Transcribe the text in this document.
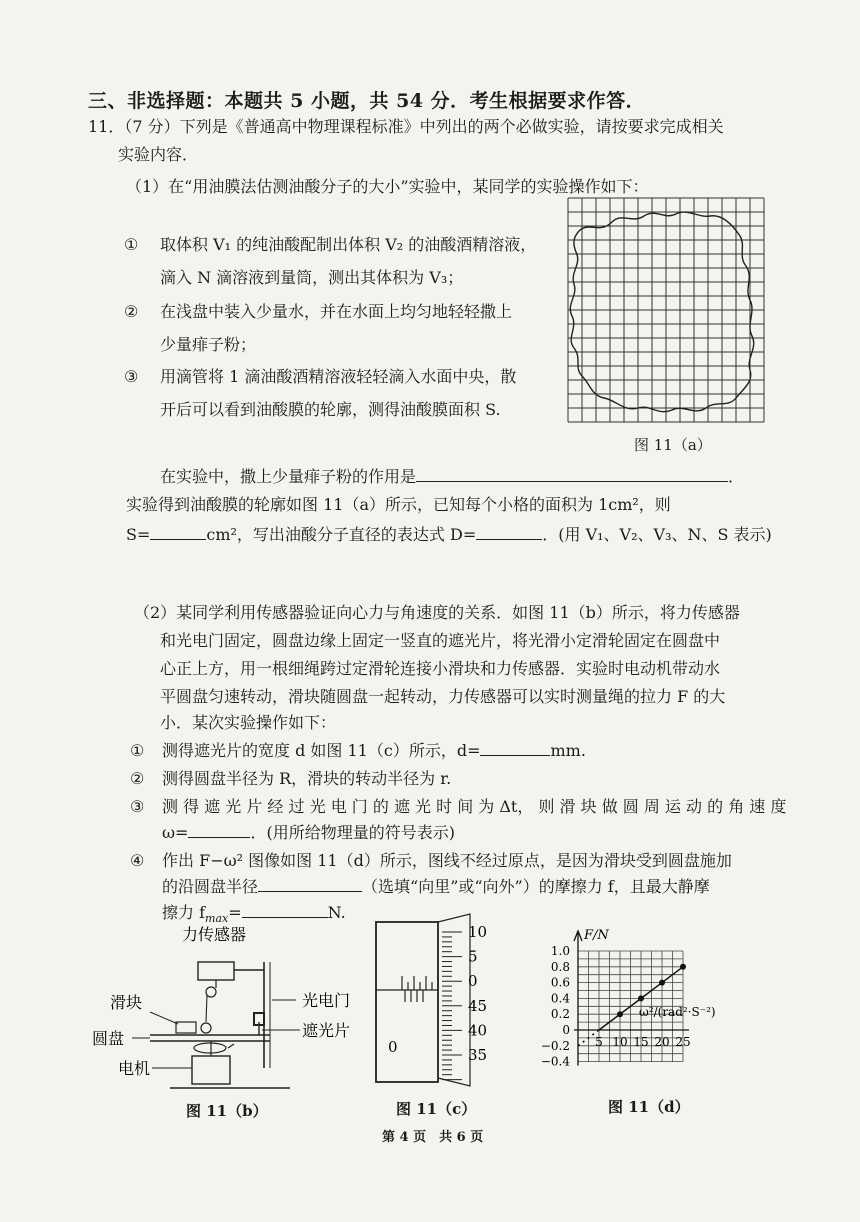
三、非选择题：本题共 5 小题，共 54 分．考生根据要求作答．
11．（7 分）下列是《普通高中物理课程标准》中列出的两个必做实验，请按要求完成相关
实验内容．
（1）在“用油膜法估测油酸分子的大小”实验中，某同学的实验操作如下：
① 取体积 V₁ 的纯油酸配制出体积 V₂ 的油酸酒精溶液，
滴入 N 滴溶液到量筒，测出其体积为 V₃；
② 在浅盘中装入少量水，并在水面上均匀地轻轻撒上
少量痱子粉；
③ 用滴管将 1 滴油酸酒精溶液轻轻滴入水面中央，散
开后可以看到油酸膜的轮廓，测得油酸膜面积 S.
图 11（a）
在实验中，撒上少量痱子粉的作用是	．
实验得到油酸膜的轮廓如图 11（a）所示，已知每个小格的面积为 1cm²，则
S=	cm²，写出油酸分子直径的表达式 D=	．(用 V₁、V₂、V₃、N、S 表示)
（2）某同学利用传感器验证向心力与角速度的关系．如图 11（b）所示，将力传感器
和光电门固定，圆盘边缘上固定一竖直的遮光片，将光滑小定滑轮固定在圆盘中
心正上方，用一根细绳跨过定滑轮连接小滑块和力传感器．实验时电动机带动水
平圆盘匀速转动，滑块随圆盘一起转动，力传感器可以实时测量绳的拉力 F 的大
小．某次实验操作如下：
① 测得遮光片的宽度 d 如图 11（c）所示，d=	mm.
② 测得圆盘半径为 R，滑块的转动半径为 r.
③ 测 得 遮 光 片 经 过 光 电 门 的 遮 光 时 间 为 Δt， 则 滑 块 做 圆 周 运 动 的 角 速 度
ω=	．(用所给物理量的符号表示)
④ 作出 F−ω² 图像如图 11（d）所示，图线不经过原点，是因为滑块受到圆盘施加
的沿圆盘半径	（选填“向里”或“向外”）的摩擦力 f，且最大静摩
擦力 $f_{max}=$	N.
力传感器
滑块
圆盘
电机
光电门
遮光片
图 11（b）
0
10
5
0
45
40
35
图 11（c）
1.0
0.8
0.6
0.4
0.2
0
−0.2
−0.4
5 10 15 20 25
F/N
ω²/(rad²·S⁻²)
图 11（d）
第 4 页　共 6 页
